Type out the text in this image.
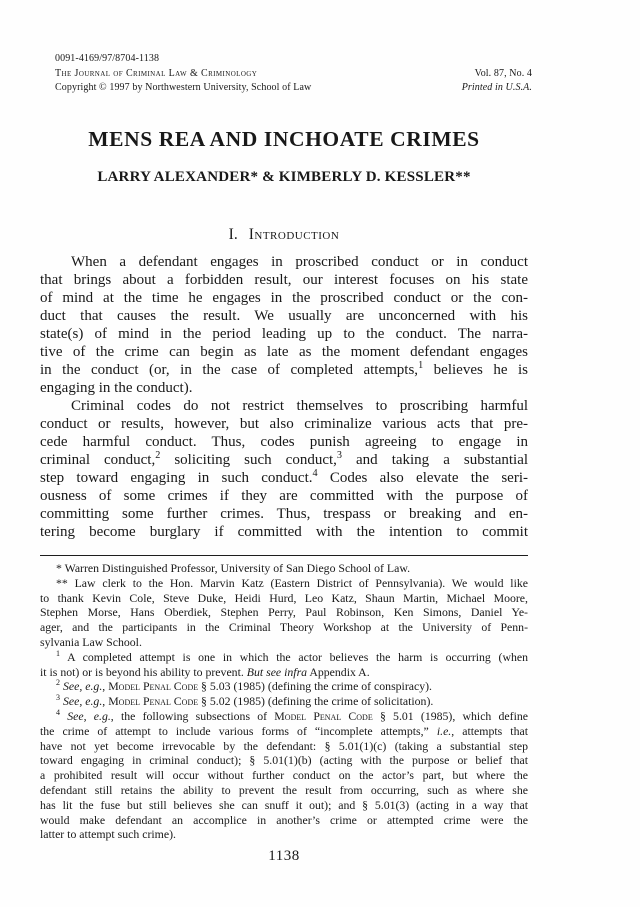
0091-4169/97/8704-1138
The Journal of Criminal Law & Criminology
Copyright © 1997 by Northwestern University, School of Law
Vol. 87, No. 4
Printed in U.S.A.
MENS REA AND INCHOATE CRIMES
LARRY ALEXANDER* & KIMBERLY D. KESSLER**
I. Introduction
When a defendant engages in proscribed conduct or in conduct
that brings about a forbidden result, our interest focuses on his state
of mind at the time he engages in the proscribed conduct or the con-
duct that causes the result. We usually are unconcerned with his
state(s) of mind in the period leading up to the conduct. The narra-
tive of the crime can begin as late as the moment defendant engages
in the conduct (or, in the case of completed attempts,$^1$ believes he is
engaging in the conduct).
Criminal codes do not restrict themselves to proscribing harmful
conduct or results, however, but also criminalize various acts that pre-
cede harmful conduct. Thus, codes punish agreeing to engage in
criminal conduct,$^2$ soliciting such conduct,$^3$ and taking a substantial
step toward engaging in such conduct.$^4$ Codes also elevate the seri-
ousness of some crimes if they are committed with the purpose of
committing some further crimes. Thus, trespass or breaking and en-
tering become burglary if committed with the intention to commit
* Warren Distinguished Professor, University of San Diego School of Law.
** Law clerk to the Hon. Marvin Katz (Eastern District of Pennsylvania). We would like
to thank Kevin Cole, Steve Duke, Heidi Hurd, Leo Katz, Shaun Martin, Michael Moore,
Stephen Morse, Hans Oberdiek, Stephen Perry, Paul Robinson, Ken Simons, Daniel Ye-
ager, and the participants in the Criminal Theory Workshop at the University of Penn-
sylvania Law School.
$^1$ A completed attempt is one in which the actor believes the harm is occurring (when
it is not) or is beyond his ability to prevent. But see infra Appendix A.
$^2$ See, e.g., Model Penal Code § 5.03 (1985) (defining the crime of conspiracy).
$^3$ See, e.g., Model Penal Code § 5.02 (1985) (defining the crime of solicitation).
$^4$ See, e.g., the following subsections of Model Penal Code § 5.01 (1985), which define
the crime of attempt to include various forms of “incomplete attempts,” i.e., attempts that
have not yet become irrevocable by the defendant: § 5.01(1)(c) (taking a substantial step
toward engaging in criminal conduct); § 5.01(1)(b) (acting with the purpose or belief that
a prohibited result will occur without further conduct on the actor’s part, but where the
defendant still retains the ability to prevent the result from occurring, such as where she
has lit the fuse but still believes she can snuff it out); and § 5.01(3) (acting in a way that
would make defendant an accomplice in another’s crime or attempted crime were the
latter to attempt such crime).
1138
